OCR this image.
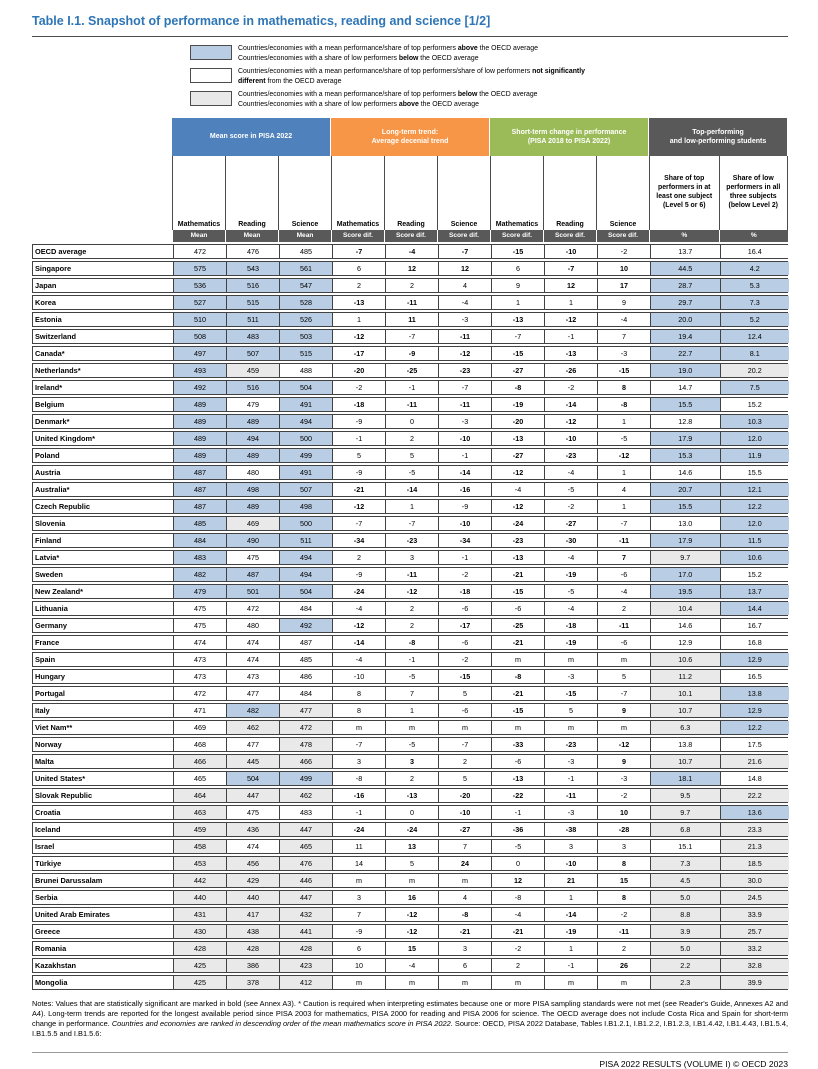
Table I.1. Snapshot of performance in mathematics, reading and science [1/2]
Countries/economies with a mean performance/share of top performers above the OECD average
Countries/economies with a share of low performers below the OECD average
Countries/economies with a mean performance/share of top performers/share of low performers not significantly
different from the OECD average
Countries/economies with a mean performance/share of top performers below the OECD average
Countries/economies with a share of low performers above the OECD average
Mean score in PISA 2022
Long-term trend:
Average decenial trend
Short-term change in performance
(PISA 2018 to PISA 2022)
Top-performing
and low-performing students
Mathematics	Reading	Science	Mathematics	Reading	Science	Mathematics	Reading	Science
Share of top performers in at least one subject (Level 5 or 6)
Share of low performers in all three subjects (below Level 2)
Mean	Mean	Mean	Score dif.	Score dif.	Score dif.	Score dif.	Score dif.	Score dif.	%	%
OECD average	472	476	485	-7	-4	-7	-15	-10	-2	13.7	16.4
Singapore	575	543	561	6	12	12	6	-7	10	44.5	4.2
Japan	536	516	547	2	2	4	9	12	17	28.7	5.3
Korea	527	515	528	-13	-11	-4	1	1	9	29.7	7.3
Estonia	510	511	526	1	11	-3	-13	-12	-4	20.0	5.2
Switzerland	508	483	503	-12	-7	-11	-7	-1	7	19.4	12.4
Canada*	497	507	515	-17	-9	-12	-15	-13	-3	22.7	8.1
Netherlands*	493	459	488	-20	-25	-23	-27	-26	-15	19.0	20.2
Ireland*	492	516	504	-2	-1	-7	-8	-2	8	14.7	7.5
Belgium	489	479	491	-18	-11	-11	-19	-14	-8	15.5	15.2
Denmark*	489	489	494	-9	0	-3	-20	-12	1	12.8	10.3
United Kingdom*	489	494	500	-1	2	-10	-13	-10	-5	17.9	12.0
Poland	489	489	499	5	5	-1	-27	-23	-12	15.3	11.9
Austria	487	480	491	-9	-5	-14	-12	-4	1	14.6	15.5
Australia*	487	498	507	-21	-14	-16	-4	-5	4	20.7	12.1
Czech Republic	487	489	498	-12	1	-9	-12	-2	1	15.5	12.2
Slovenia	485	469	500	-7	-7	-10	-24	-27	-7	13.0	12.0
Finland	484	490	511	-34	-23	-34	-23	-30	-11	17.9	11.5
Latvia*	483	475	494	2	3	-1	-13	-4	7	9.7	10.6
Sweden	482	487	494	-9	-11	-2	-21	-19	-6	17.0	15.2
New Zealand*	479	501	504	-24	-12	-18	-15	-5	-4	19.5	13.7
Lithuania	475	472	484	-4	2	-6	-6	-4	2	10.4	14.4
Germany	475	480	492	-12	2	-17	-25	-18	-11	14.6	16.7
France	474	474	487	-14	-8	-6	-21	-19	-6	12.9	16.8
Spain	473	474	485	-4	-1	-2	m	m	m	10.6	12.9
Hungary	473	473	486	-10	-5	-15	-8	-3	5	11.2	16.5
Portugal	472	477	484	8	7	5	-21	-15	-7	10.1	13.8
Italy	471	482	477	8	1	-6	-15	5	9	10.7	12.9
Viet Nam**	469	462	472	m	m	m	m	m	m	6.3	12.2
Norway	468	477	478	-7	-5	-7	-33	-23	-12	13.8	17.5
Malta	466	445	466	3	3	2	-6	-3	9	10.7	21.6
United States*	465	504	499	-8	2	5	-13	-1	-3	18.1	14.8
Slovak Republic	464	447	462	-16	-13	-20	-22	-11	-2	9.5	22.2
Croatia	463	475	483	-1	0	-10	-1	-3	10	9.7	13.6
Iceland	459	436	447	-24	-24	-27	-36	-38	-28	6.8	23.3
Israel	458	474	465	11	13	7	-5	3	3	15.1	21.3
Türkiye	453	456	476	14	5	24	0	-10	8	7.3	18.5
Brunei Darussalam	442	429	446	m	m	m	12	21	15	4.5	30.0
Serbia	440	440	447	3	16	4	-8	1	8	5.0	24.5
United Arab Emirates	431	417	432	7	-12	-8	-4	-14	-2	8.8	33.9
Greece	430	438	441	-9	-12	-21	-21	-19	-11	3.9	25.7
Romania	428	428	428	6	15	3	-2	1	2	5.0	33.2
Kazakhstan	425	386	423	10	-4	6	2	-1	26	2.2	32.8
Mongolia	425	378	412	m	m	m	m	m	m	2.3	39.9
Notes: Values that are statistically significant are marked in bold (see Annex A3). * Caution is required when interpreting estimates because one or more PISA sampling standards were not met (see Reader's Guide, Annexes A2 and A4). Long-term trends are reported for the longest available period since PISA 2003 for mathematics, PISA 2000 for reading and PISA 2006 for science. The OECD average does not include Costa Rica and Spain for short-term change in performance. Countries and economies are ranked in descending order of the mean mathematics score in PISA 2022. Source: OECD, PISA 2022 Database, Tables I.B1.2.1, I.B1.2.2, I.B1.2.3, I.B1.4.42, I.B1.4.43, I.B1.5.4, I.B1.5.5 and I.B1.5.6:
PISA 2022 RESULTS (VOLUME I) © OECD 2023
